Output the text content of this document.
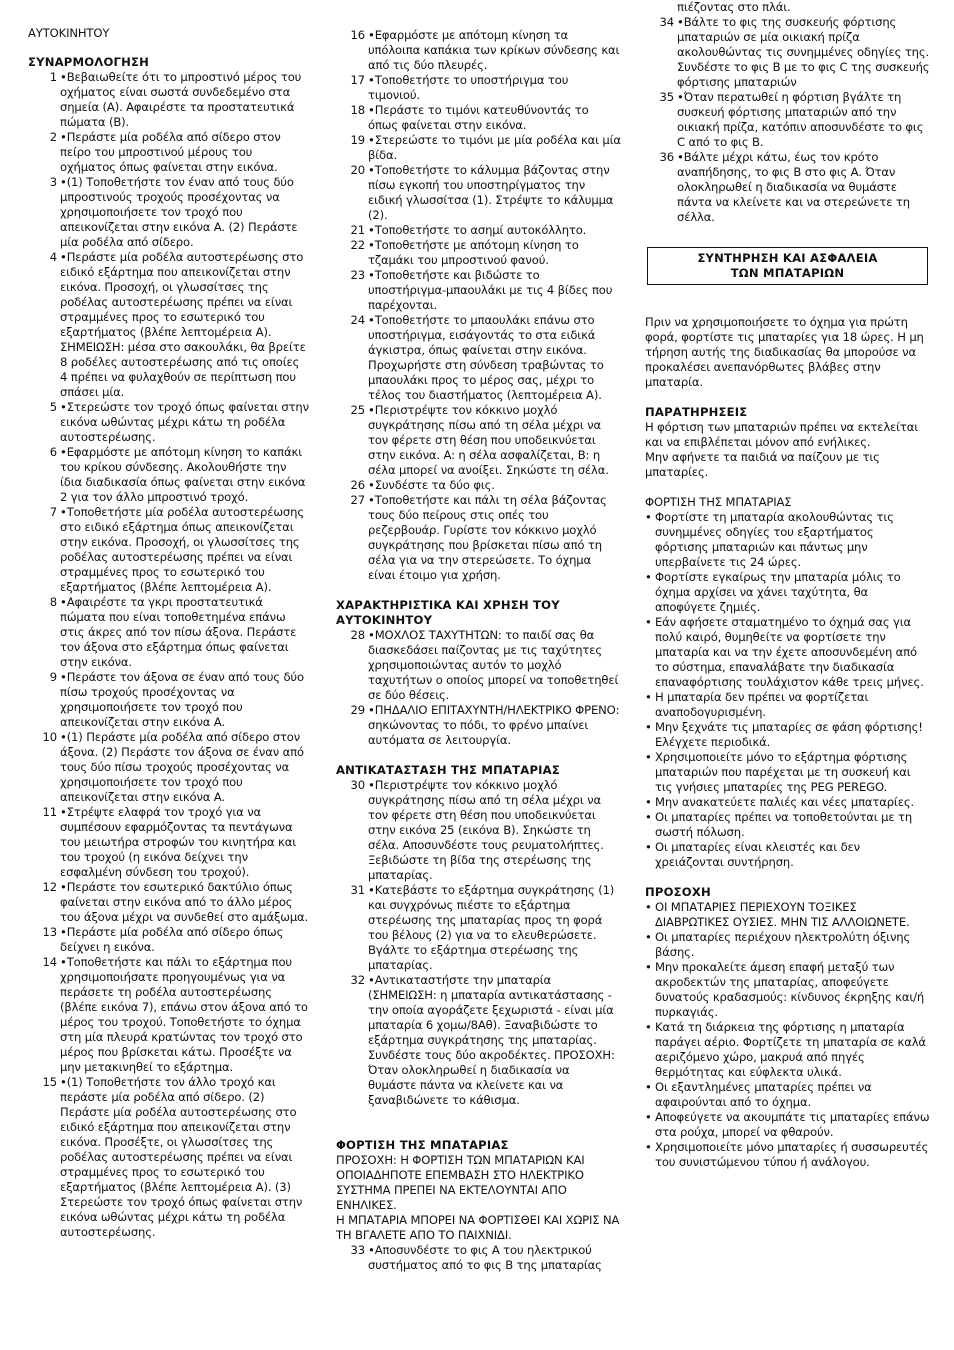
ΑΥΤΟΚΙΝΗΤΟΥ

ΣΥΝΑΡΜΟΛΟΓΗΣΗ

1 •Βεβαιωθείτε ότι το μπροστινό μέρος του οχήματος είναι σωστά συνδεδεμένο στα σημεία (A). Αφαιρέστε τα προστατευτικά πώματα (B).
2 •Περάστε μία ροδέλα από σίδερο στον πείρο του μπροστινού μέρους του οχήματος όπως φαίνεται στην εικόνα.
3 •(1) Τοποθετήστε τον έναν από τους δύο μπροστινούς τροχούς προσέχοντας να χρησιμοποιήσετε τον τροχό που απεικονίζεται στην εικόνα A. (2) Περάστε μία ροδέλα από σίδερο.
4 •Περάστε μία ροδέλα αυτοστερέωσης στο ειδικό εξάρτημα που απεικονίζεται στην εικόνα. Προσοχή, οι γλωσσίτσες της ροδέλας αυτοστερέωσης πρέπει να είναι στραμμένες προς το εσωτερικό του εξαρτήματος (βλέπε λεπτομέρεια A). ΣΗΜΕΙΩΣΗ: μέσα στο σακουλάκι, θα βρείτε 8 ροδέλες αυτοστερέωσης από τις οποίες 4 πρέπει να φυλαχθούν σε περίπτωση που σπάσει μία.
5 •Στερεώστε τον τροχό όπως φαίνεται στην εικόνα ωθώντας μέχρι κάτω τη ροδέλα αυτοστερέωσης.
6 •Εφαρμόστε με απότομη κίνηση το καπάκι του κρίκου σύνδεσης. Ακολουθήστε την ίδια διαδικασία όπως φαίνεται στην εικόνα 2 για τον άλλο μπροστινό τροχό.
7 •Τοποθετήστε μία ροδέλα αυτοστερέωσης στο ειδικό εξάρτημα όπως απεικονίζεται στην εικόνα. Προσοχή, οι γλωσσίτσες της ροδέλας αυτοστερέωσης πρέπει να είναι στραμμένες προς το εσωτερικό του εξαρτήματος (βλέπε λεπτομέρεια A).
8 •Αφαιρέστε τα γκρι προστατευτικά πώματα που είναι τοποθετημένα επάνω στις άκρες από τον πίσω άξονα. Περάστε τον άξονα στο εξάρτημα όπως φαίνεται στην εικόνα.
9 •Περάστε τον άξονα σε έναν από τους δύο πίσω τροχούς προσέχοντας να χρησιμοποιήσετε τον τροχό που απεικονίζεται στην εικόνα A.
10 •(1) Περάστε μία ροδέλα από σίδερο στον άξονα. (2) Περάστε τον άξονα σε έναν από τους δύο πίσω τροχούς προσέχοντας να χρησιμοποιήσετε τον τροχό που απεικονίζεται στην εικόνα A.
11 •Στρέψτε ελαφρά τον τροχό για να συμπέσουν εφαρμόζοντας τα πεντάγωνα του μειωτήρα στροφών του κινητήρα και του τροχού (η εικόνα δείχνει την εσφαλμένη σύνδεση του τροχού).
12 •Περάστε τον εσωτερικό δακτύλιο όπως φαίνεται στην εικόνα από το άλλο μέρος του άξονα μέχρι να συνδεθεί στο αμάξωμα.
13 •Περάστε μία ροδέλα από σίδερο όπως δείχνει η εικόνα.
14 •Τοποθετήστε και πάλι το εξάρτημα που χρησιμοποιήσατε προηγουμένως για να περάσετε τη ροδέλα αυτοστερέωσης (βλέπε εικόνα 7), επάνω στον άξονα από το μέρος του τροχού. Τοποθετήστε το όχημα στη μία πλευρά κρατώντας τον τροχό στο μέρος που βρίσκεται κάτω. Προσέξτε να μην μετακινηθεί το εξάρτημα.
15 •(1) Τοποθετήστε τον άλλο τροχό και περάστε μία ροδέλα από σίδερο. (2) Περάστε μία ροδέλα αυτοστερέωσης στο ειδικό εξάρτημα που απεικονίζεται στην εικόνα. Προσέξτε, οι γλωσσίτσες της ροδέλας αυτοστερέωσης πρέπει να είναι στραμμένες προς το εσωτερικό του εξαρτήματος (βλέπε λεπτομέρεια A). (3) Στερεώστε τον τροχό όπως φαίνεται στην εικόνα ωθώντας μέχρι κάτω τη ροδέλα αυτοστερέωσης.
16 •Εφαρμόστε με απότομη κίνηση τα υπόλοιπα καπάκια των κρίκων σύνδεσης και από τις δύο πλευρές.
17 •Τοποθετήστε το υποστήριγμα του τιμονιού.
18 •Περάστε το τιμόνι κατευθύνοντάς το όπως φαίνεται στην εικόνα.
19 •Στερεώστε το τιμόνι με μία ροδέλα και μία βίδα.
20 •Τοποθετήστε το κάλυμμα βάζοντας στην πίσω εγκοπή του υποστηρίγματος την ειδική γλωσσίτσα (1). Στρέψτε το κάλυμμα (2).
21 •Τοποθετήστε το ασημί αυτοκόλλητο.
22 •Τοποθετήστε με απότομη κίνηση το τζαμάκι του μπροστινού φανού.
23 •Τοποθετήστε και βιδώστε το υποστήριγμα-μπαουλάκι με τις 4 βίδες που παρέχονται.
24 •Τοποθετήστε το μπαουλάκι επάνω στο υποστήριγμα, εισάγοντάς το στα ειδικά άγκιστρα, όπως φαίνεται στην εικόνα. Προχωρήστε στη σύνδεση τραβώντας το μπαουλάκι προς το μέρος σας, μέχρι το τέλος του διαστήματος (λεπτομέρεια A).
25 •Περιστρέψτε τον κόκκινο μοχλό συγκράτησης πίσω από τη σέλα μέχρι να τον φέρετε στη θέση που υποδεικνύεται στην εικόνα. A: η σέλα ασφαλίζεται, B: η σέλα μπορεί να ανοίξει. Σηκώστε τη σέλα.
26 •Συνδέστε τα δύο φις.
27 •Τοποθετήστε και πάλι τη σέλα βάζοντας τους δύο πείρους στις οπές του ρεζερβουάρ. Γυρίστε τον κόκκινο μοχλό συγκράτησης που βρίσκεται πίσω από τη σέλα για να την στερεώσετε. Το όχημα είναι έτοιμο για χρήση.

ΧΑΡΑΚΤΗΡΙΣΤΙΚΑ ΚΑΙ ΧΡΗΣΗ ΤΟΥ ΑΥΤΟΚΙΝΗΤΟΥ

28 •ΜΟΧΛΟΣ ΤΑΧΥΤΗΤΩΝ: το παιδί σας θα διασκεδάσει παίζοντας με τις ταχύτητες χρησιμοποιώντας αυτόν το μοχλό ταχυτήτων ο οποίος μπορεί να τοποθετηθεί σε δύο θέσεις.
29 •ΠΗΔΑΛΙΟ ΕΠΙΤΑΧΥΝΤΗ/ΗΛΕΚΤΡΙΚΟ ΦΡΕΝΟ: σηκώνοντας το πόδι, το φρένο μπαίνει αυτόματα σε λειτουργία.

ΑΝΤΙΚΑΤΑΣΤΑΣΗ ΤΗΣ ΜΠΑΤΑΡΙΑΣ

30 •Περιστρέψτε τον κόκκινο μοχλό συγκράτησης πίσω από τη σέλα μέχρι να τον φέρετε στη θέση που υποδεικνύεται στην εικόνα 25 (εικόνα B). Σηκώστε τη σέλα. Αποσυνδέστε τους ρευματολήπτες. Ξεβιδώστε τη βίδα της στερέωσης της μπαταρίας.
31 •Κατεβάστε το εξάρτημα συγκράτησης (1) και συγχρόνως πιέστε το εξάρτημα στερέωσης της μπαταρίας προς τη φορά του βέλους (2) για να το ελευθερώσετε. Βγάλτε το εξάρτημα στερέωσης της μπαταρίας.
32 •Αντικαταστήστε την μπαταρία (ΣΗΜΕΙΩΣΗ: η μπαταρία αντικατάστασης - την οποία αγοράζετε ξεχωριστά - είναι μία μπαταρία 6 χομω/8Αθ). Ξαναβιδώστε το εξάρτημα συγκράτησης της μπαταρίας. Συνδέστε τους δύο ακροδέκτες. ΠΡΟΣΟΧΗ: Όταν ολοκληρωθεί η διαδικασία να θυμάστε πάντα να κλείνετε και να ξαναβιδώνετε το κάθισμα.

ΦΟΡΤΙΣΗ ΤΗΣ ΜΠΑΤΑΡΙΑΣ

ΠΡΟΣΟΧΗ: Η ΦΟΡΤΙΣΗ ΤΩΝ ΜΠΑΤΑΡΙΩΝ ΚΑΙ ΟΠΟΙΑΔΗΠΟΤΕ ΕΠΕΜΒΑΣΗ ΣΤΟ ΗΛΕΚΤΡΙΚΟ ΣΥΣΤΗΜΑ ΠΡΕΠΕΙ ΝΑ ΕΚΤΕΛΟΥΝΤΑΙ ΑΠΟ ΕΝΗΛΙΚΕΣ.

Η ΜΠΑΤΑΡΙΑ ΜΠΟΡΕΙ ΝΑ ΦΟΡΤΙΣΘΕΙ ΚΑΙ ΧΩΡΙΣ ΝΑ ΤΗ ΒΓΑΛΕΤΕ ΑΠΟ ΤΟ ΠΑΙΧΝΙΔΙ.

33 •Αποσυνδέστε το φις A του ηλεκτρικού συστήματος από το φις B της μπαταρίας
πιέζοντας στο πλάι.
34 •Βάλτε το φις της συσκευής φόρτισης μπαταριών σε μία οικιακή πρίζα ακολουθώντας τις συνημμένες οδηγίες της. Συνδέστε το φις B με το φις C της συσκευής φόρτισης μπαταριών
35 •Όταν περατωθεί η φόρτιση βγάλτε τη συσκευή φόρτισης μπαταριών από την οικιακή πρίζα, κατόπιν αποσυνδέστε το φις C από το φις B.
36 •Βάλτε μέχρι κάτω, έως τον κρότο αναπήδησης, το φις B στο φις A. Όταν ολοκληρωθεί η διαδικασία να θυμάστε πάντα να κλείνετε και να στερεώνετε τη σέλλα.
ΣΥΝΤΗΡΗΣΗ ΚΑΙ ΑΣΦΑΛΕΙΑ
ΤΩΝ ΜΠΑΤΑΡΙΩΝ

Πριν να χρησιμοποιήσετε το όχημα για πρώτη φορά, φορτίστε τις μπαταρίες για 18 ώρες. Η μη τήρηση αυτής της διαδικασίας θα μπορούσε να προκαλέσει ανεπανόρθωτες βλάβες στην μπαταρία.

ΠΑΡΑΤΗΡΗΣΕΙΣ

Η φόρτιση των μπαταριών πρέπει να εκτελείται και να επιβλέπεται μόνον από ενήλικες.

Μην αφήνετε τα παιδιά να παίζουν με τις μπαταρίες.

ΦΟΡΤΙΣΗ ΤΗΣ ΜΠΑΤΑΡΙΑΣ

• Φορτίστε τη μπαταρία ακολουθώντας τις συνημμένες οδηγίες του εξαρτήματος φόρτισης μπαταριών και πάντως μην υπερβαίνετε τις 24 ώρες.
• Φορτίστε εγκαίρως την μπαταρία μόλις το όχημα αρχίσει να χάνει ταχύτητα, θα αποφύγετε ζημιές.
• Εάν αφήσετε σταματημένο το όχημά σας για πολύ καιρό, θυμηθείτε να φορτίσετε την μπαταρία και να την έχετε αποσυνδεμένη από το σύστημα, επαναλάβατε την διαδικασία επαναφόρτισης τουλάχιστον κάθε τρεις μήνες.
• Η μπαταρία δεν πρέπει να φορτίζεται αναποδογυρισμένη.
• Μην ξεχνάτε τις μπαταρίες σε φάση φόρτισης! Ελέγχετε περιοδικά.
• Χρησιμοποιείτε μόνο το εξάρτημα φόρτισης μπαταριών που παρέχεται με τη συσκευή και τις γνήσιες μπαταρίες της PEG PEREGO.
• Μην ανακατεύετε παλιές και νέες μπαταρίες.
• Οι μπαταρίες πρέπει να τοποθετούνται με τη σωστή πόλωση.
• Οι μπαταρίες είναι κλειστές και δεν χρειάζονται συντήρηση.

ΠΡΟΣΟΧΗ

• ΟΙ ΜΠΑΤΑΡΙΕΣ ΠΕΡΙΕΧΟΥΝ ΤΟΞΙΚΕΣ ΔΙΑΒΡΩΤΙΚΕΣ ΟΥΣΙΕΣ. ΜΗΝ ΤΙΣ ΑΛΛΟΙΩΝΕΤΕ.
• Οι μπαταρίες περιέχουν ηλεκτρολύτη όξινης βάσης.
• Μην προκαλείτε άμεση επαφή μεταξύ των ακροδεκτών της μπαταρίας, αποφεύγετε δυνατούς κραδασμούς: κίνδυνος έκρηξης και/ή πυρκαγιάς.
• Κατά τη διάρκεια της φόρτισης η μπαταρία παράγει αέριο. Φορτίζετε τη μπαταρία σε καλά αεριζόμενο χώρο, μακρυά από πηγές θερμότητας και εύφλεκτα υλικά.
• Οι εξαντλημένες μπαταρίες πρέπει να αφαιρούνται από το όχημα.
• Αποφεύγετε να ακουμπάτε τις μπαταρίες επάνω στα ρούχα, μπορεί να φθαρούν.
• Χρησιμοποιείτε μόνο μπαταρίες ή συσσωρευτές του συνιστώμενου τύπου ή ανάλογου.
